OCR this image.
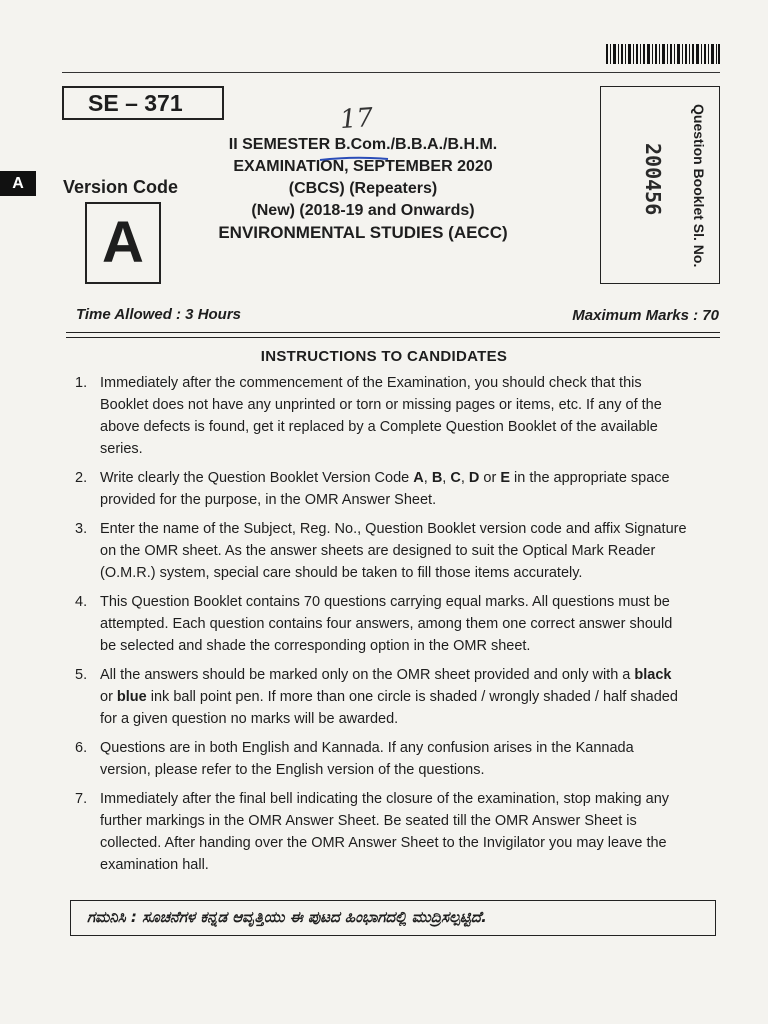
SE – 371
A	Version Code
A
17
II SEMESTER B.Com./B.B.A./B.H.M.
EXAMINATION, SEPTEMBER 2020
(CBCS) (Repeaters)
(New) (2018-19 and Onwards)
ENVIRONMENTAL STUDIES (AECC)	Question Booklet Sl. No.
200456
Time Allowed : 3 Hours	Maximum Marks : 70
INSTRUCTIONS TO CANDIDATES
1. Immediately after the commencement of the Examination, you should check that this Booklet does not have any unprinted or torn or missing pages or items, etc. If any of the above defects is found, get it replaced by a Complete Question Booklet of the available series.
2. Write clearly the Question Booklet Version Code A, B, C, D or E in the appropriate space provided for the purpose, in the OMR Answer Sheet.
3. Enter the name of the Subject, Reg. No., Question Booklet version code and affix Signature on the OMR sheet. As the answer sheets are designed to suit the Optical Mark Reader (O.M.R.) system, special care should be taken to fill those items accurately.
4. This Question Booklet contains 70 questions carrying equal marks. All questions must be attempted. Each question contains four answers, among them one correct answer should be selected and shade the corresponding option in the OMR sheet.
5. All the answers should be marked only on the OMR sheet provided and only with a black or blue ink ball point pen. If more than one circle is shaded / wrongly shaded / half shaded for a given question no marks will be awarded.
6. Questions are in both English and Kannada. If any confusion arises in the Kannada version, please refer to the English version of the questions.
7. Immediately after the final bell indicating the closure of the examination, stop making any further markings in the OMR Answer Sheet. Be seated till the OMR Answer Sheet is collected. After handing over the OMR Answer Sheet to the Invigilator you may leave the examination hall.
ಗಮನಿಸಿ : ಸೂಚನೆಗಳ ಕನ್ನಡ ಆವೃತ್ತಿಯು ಈ ಪುಟದ ಹಿಂಭಾಗದಲ್ಲಿ ಮುದ್ರಿಸಲ್ಪಟ್ಟಿದೆ.
